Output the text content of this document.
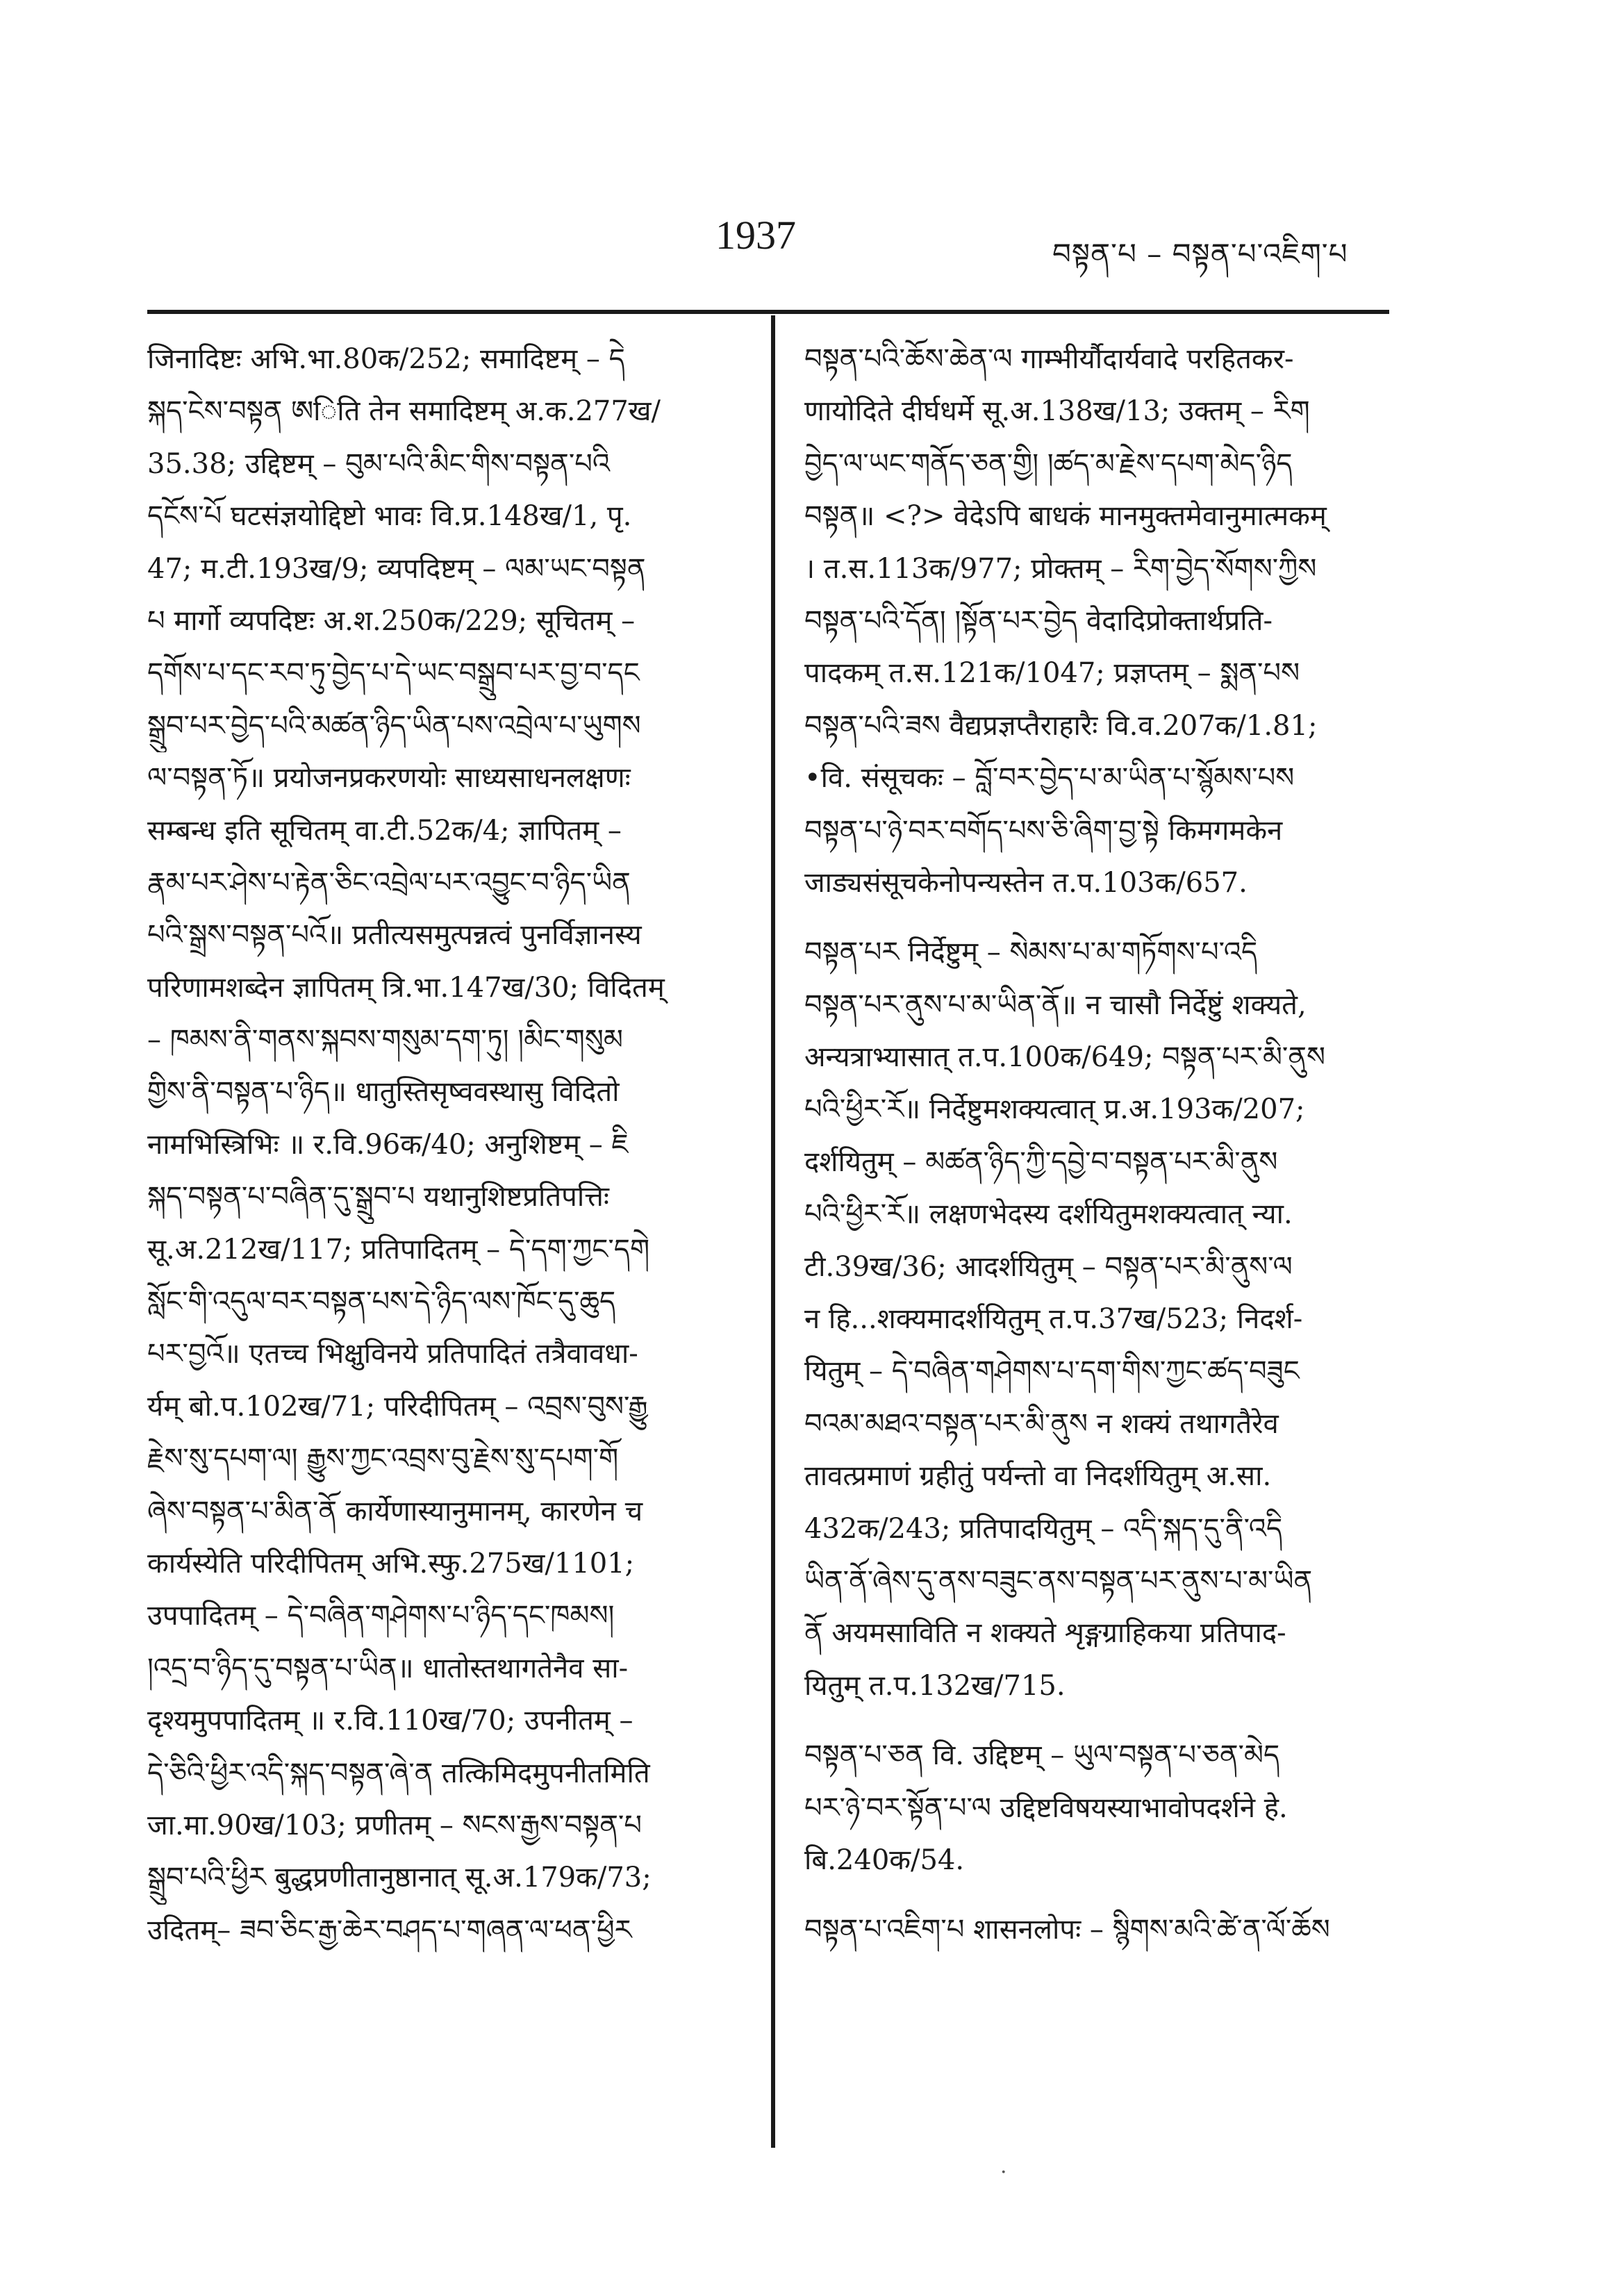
1937	བསྟན་པ – བསྟན་པ་འཇིག་པ
जिनादिष्टः अभि.भा.80क/252; समादिष्टम् – དེ
སྐད་ངེས་བསྟན ཨिति तेन समादिष्टम् अ.क.277ख/
35.38; उद्दिष्टम् – བུམ་པའི་མིང་གིས་བསྟན་པའི
དངོས་པོ घटसंज्ञयोद्दिष्टो भावः वि.प्र.148ख/1, पृ.
47; म.टी.193ख/9; व्यपदिष्टम् – ལམ་ཡང་བསྟན
པ मार्गो व्यपदिष्टः अ.श.250क/229; सूचितम् –
དགོས་པ་དང་རབ་ཏུ་བྱེད་པ་དེ་ཡང་བསྒྲུབ་པར་བྱ་བ་དང
སྒྲུབ་པར་བྱེད་པའི་མཚན་ཉིད་ཡིན་པས་འབྲེལ་པ་ཡུགས
ལ་བསྟན་ཏོ॥ प्रयोजनप्रकरणयोः साध्यसाधनलक्षणः
सम्बन्ध इति सूचितम् वा.टी.52क/4; ज्ञापितम् –
རྣམ་པར་ཤེས་པ་རྟེན་ཅིང་འབྲེལ་པར་འབྱུང་བ་ཉིད་ཡིན
པའི་སྒྲས་བསྟན་པའོ॥ प्रतीत्यसमुत्पन्नत्वं पुनर्विज्ञानस्य
परिणामशब्देन ज्ञापितम् त्रि.भा.147ख/30; विदितम्
– ཁམས་ནི་གནས་སྐབས་གསུམ་དག་ཏུ། །མིང་གསུམ
གྱིས་ནི་བསྟན་པ་ཉིད॥ धातुस्तिसृष्ववस्थासु विदितो
नामभिस्त्रिभिः ॥ र.वि.96क/40; अनुशिष्टम् – ཇི
སྐད་བསྟན་པ་བཞིན་དུ་སྒྲུབ་པ यथानुशिष्टप्रतिपत्तिः
सू.अ.212ख/117; प्रतिपादितम् – དེ་དག་ཀྱང་དགེ
སློང་གི་འདུལ་བར་བསྟན་པས་དེ་ཉིད་ལས་ཁོང་དུ་ཆུད
པར་བྱའོ॥ एतच्च भिक्षुविनये प्रतिपादितं तत्रैवावधा-
र्यम् बो.प.102ख/71; परिदीपितम् – འབྲས་བུས་རྒྱུ
རྗེས་སུ་དཔག་ལ། རྒྱུས་ཀྱང་འབྲས་བུ་རྗེས་སུ་དཔག་གོ
ཞེས་བསྟན་པ་མིན་ནོ कार्येणास्यानुमानम्, कारणेन च
कार्यस्येति परिदीपितम् अभि.स्फु.275ख/1101;
उपपादितम् – དེ་བཞིན་གཤེགས་པ་ཉིད་དང་ཁམས།
།འདྲ་བ་ཉིད་དུ་བསྟན་པ་ཡིན॥ धातोस्तथागतेनैव सा-
दृश्यमुपपादितम् ॥ र.वि.110ख/70; उपनीतम् –
དེ་ཅིའི་ཕྱིར་འདི་སྐད་བསྟན་ཞེ་ན तत्किमिदमुपनीतमिति
जा.मा.90ख/103; प्रणीतम् – སངས་རྒྱས་བསྟན་པ
སྒྲུབ་པའི་ཕྱིར बुद्धप्रणीतानुष्ठानात् सू.अ.179क/73;
उदितम्– ཟབ་ཅིང་རྒྱ་ཆེར་བཤད་པ་གཞན་ལ་ཕན་ཕྱིར
བསྟན་པའི་ཆོས་ཆེན་ལ गाम्भीर्यौदार्यवादे परहितकर-
णायोदिते दीर्घधर्मे सू.अ.138ख/13; उक्तम् – རིག
བྱེད་ལ་ཡང་གནོད་ཅན་གྱི། །ཚད་མ་རྗེས་དཔག་མེད་ཉིད
བསྟན॥ <?> वेदेऽपि बाधकं मानमुक्तमेवानुमात्मकम्
। त.स.113क/977; प्रोक्तम् – རིག་བྱེད་སོགས་ཀྱིས
བསྟན་པའི་དོན། །སྟོན་པར་བྱེད वेदादिप्रोक्तार्थप्रति-
पादकम् त.स.121क/1047; प्रज्ञप्तम् – སྨན་པས
བསྟན་པའི་ཟས वैद्यप्रज्ञप्तैराहारैः वि.व.207क/1.81;
•वि. संसूचकः – བློ་བར་བྱེད་པ་མ་ཡིན་པ་སྙོམས་པས
བསྟན་པ་ཉེ་བར་བགོད་པས་ཅི་ཞིག་བྱ་སྟེ किमगमकेन
जाड्यसंसूचकेनोपन्यस्तेन त.प.103क/657.
བསྟན་པར निर्देष्टुम् – སེམས་པ་མ་གཏོགས་པ་འདི
བསྟན་པར་ནུས་པ་མ་ཡིན་ནོ॥ न चासौ निर्देष्टुं शक्यते,
अन्यत्राभ्यासात् त.प.100क/649; བསྟན་པར་མི་ནུས
པའི་ཕྱིར་རོ॥ निर्देष्टुमशक्यत्वात् प्र.अ.193क/207;
दर्शयितुम् – མཚན་ཉིད་ཀྱི་དབྱེ་བ་བསྟན་པར་མི་ནུས
པའི་ཕྱིར་རོ॥ लक्षणभेदस्य दर्शयितुमशक्यत्वात् न्या.
टी.39ख/36; आदर्शयितुम् – བསྟན་པར་མི་ནུས་ལ
न हि...शक्यमादर्शयितुम् त.प.37ख/523; निदर्श-
यितुम् – དེ་བཞིན་གཤེགས་པ་དག་གིས་ཀྱང་ཚད་བཟུང
བའམ་མཐའ་བསྟན་པར་མི་ནུས न शक्यं तथागतैरेव
तावत्प्रमाणं ग्रहीतुं पर्यन्तो वा निदर्शयितुम् अ.सा.
432क/243; प्रतिपादयितुम् – འདི་སྐད་དུ་ནི་འདི
ཡིན་ནོ་ཞེས་དུ་ནས་བཟུང་ནས་བསྟན་པར་ནུས་པ་མ་ཡིན
ནོ अयमसाविति न शक्यते शृङ्गग्राहिकया प्रतिपाद-
यितुम् त.प.132ख/715.
བསྟན་པ་ཅན वि. उद्दिष्टम् – ཡུལ་བསྟན་པ་ཅན་མེད
པར་ཉེ་བར་སྟོན་པ་ལ उद्दिष्टविषयस्याभावोपदर्शने हे.
बि.240क/54.
བསྟན་པ་འཇིག་པ शासनलोपः – སྙིགས་མའི་ཚེ་ན་ལོ་ཆོས
·
